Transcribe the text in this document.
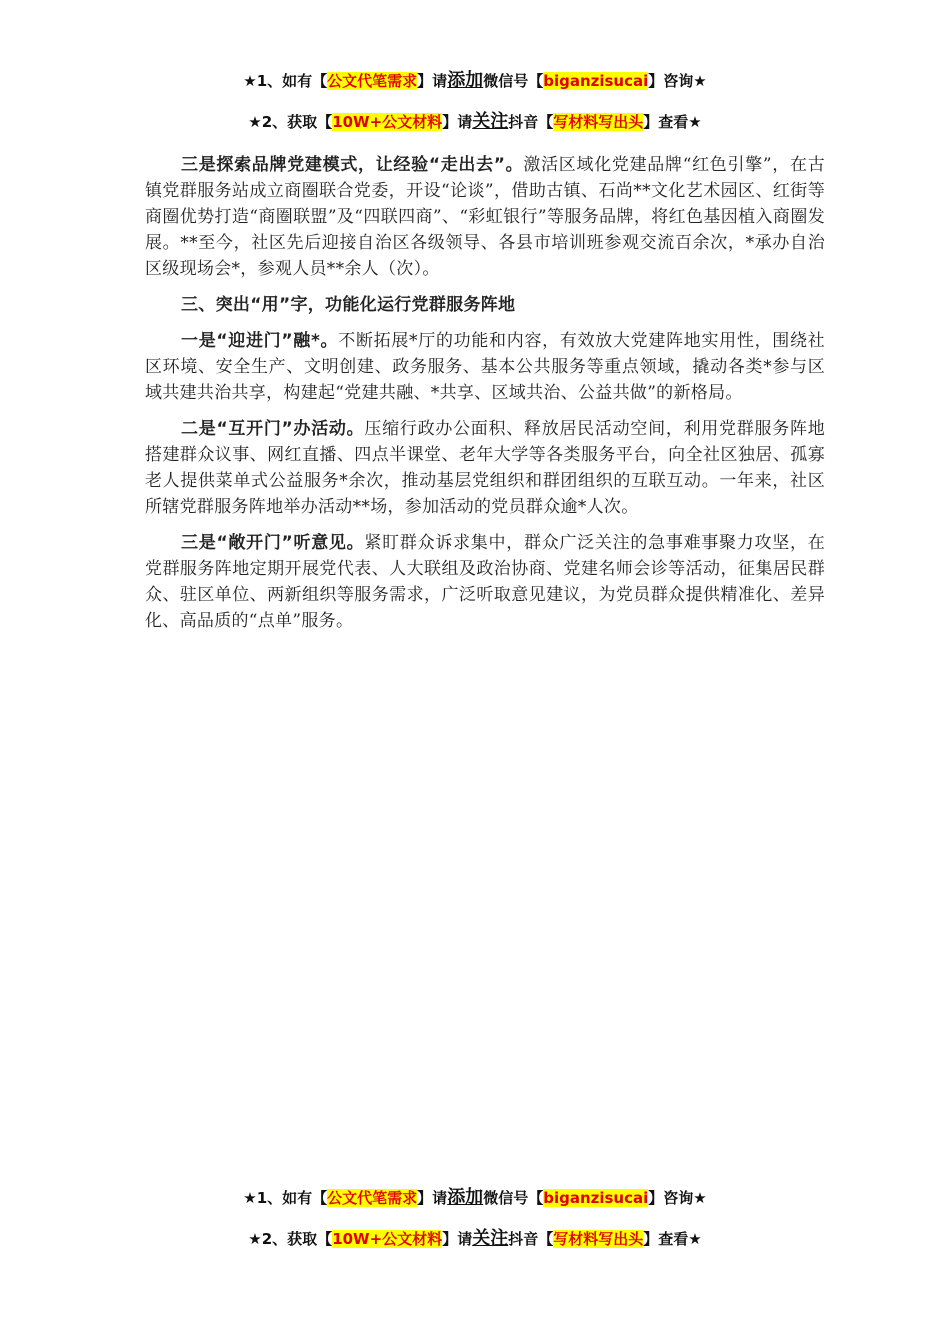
★1、如有【公文代笔需求】请添加微信号【biganzisucai】咨询★
★2、获取【10W+公文材料】请关注抖音【写材料写出头】查看★

三是探索品牌党建模式，让经验“走出去”。激活区域化党建品牌“红色引擎”，在古镇党群服务站成立商圈联合党委，开设“论谈”，借助古镇、石尚**文化艺术园区、红街等商圈优势打造“商圈联盟”及“四联四商”、“彩虹银行”等服务品牌，将红色基因植入商圈发展。**至今，社区先后迎接自治区各级领导、各县市培训班参观交流百余次，*承办自治区级现场会*，参观人员**余人（次）。

三、突出“用”字，功能化运行党群服务阵地

一是“迎进门”融*。不断拓展*厅的功能和内容，有效放大党建阵地实用性，围绕社区环境、安全生产、文明创建、政务服务、基本公共服务等重点领域，撬动各类*参与区域共建共治共享，构建起“党建共融、*共享、区域共治、公益共做”的新格局。

二是“互开门”办活动。压缩行政办公面积、释放居民活动空间，利用党群服务阵地搭建群众议事、网红直播、四点半课堂、老年大学等各类服务平台，向全社区独居、孤寡老人提供菜单式公益服务*余次，推动基层党组织和群团组织的互联互动。一年来，社区所辖党群服务阵地举办活动**场，参加活动的党员群众逾*人次。

三是“敞开门”听意见。紧盯群众诉求集中，群众广泛关注的急事难事聚力攻坚，在党群服务阵地定期开展党代表、人大联组及政治协商、党建名师会诊等活动，征集居民群众、驻区单位、两新组织等服务需求，广泛听取意见建议，为党员群众提供精准化、差异化、高品质的“点单”服务。

★1、如有【公文代笔需求】请添加微信号【biganzisucai】咨询★
★2、获取【10W+公文材料】请关注抖音【写材料写出头】查看★
